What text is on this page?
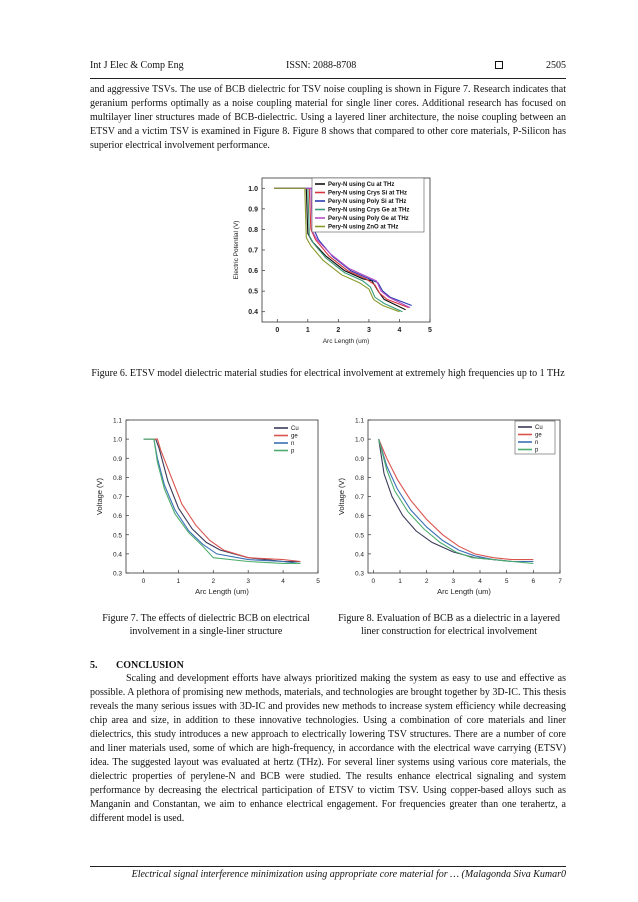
Int J Elec & Comp Eng	ISSN: 2088-8708	2505

and aggressive TSVs. The use of BCB dielectric for TSV noise coupling is shown in Figure 7. Research indicates that geranium performs optimally as a noise coupling material for single liner cores. Additional research has focused on multilayer liner structures made of BCB-dielectric. Using a layered liner architecture, the noise coupling between an ETSV and a victim TSV is examined in Figure 8. Figure 8 shows that compared to other core materials, P-Silicon has superior electrical involvement performance.

0.4
0.5
0.6
0.7
0.8
0.9
1.0
0	1	2	3	4	5
Arc Length (um)
Electric Potential (V)
Pery-N using Cu at THz
Pery-N using Crys Si at THz
Pery-N using Poly Si at THz
Pery-N using Crys Ge at THz
Pery-N using Poly Ge at THz
Pery-N using ZnO at THz

Figure 6. ETSV model dielectric material studies for electrical involvement at extremely high frequencies up to 1 THz

0.3
0.4
0.5
0.6
0.7
0.8
0.9
1.0
1.1
0	1	2	3	4	5
Arc Length (um)
Voltage (V)
Cu
ge
n
p

Figure 7. The effects of dielectric BCB on electrical involvement in a single-liner structure

0.3
0.4
0.5
0.6
0.7
0.8
0.9
1.0
1.1
0	1	2	3	4	5	6	7
Arc Length (um)
Voltage (V)
Cu
ge
n
p

Figure 8. Evaluation of BCB as a dielectric in a layered liner construction for electrical involvement

5. CONCLUSION

Scaling and development efforts have always prioritized making the system as easy to use and effective as possible. A plethora of promising new methods, materials, and technologies are brought together by 3D-IC. This thesis reveals the many serious issues with 3D-IC and provides new methods to increase system efficiency while decreasing chip area and size, in addition to these innovative technologies. Using a combination of core materials and liner dielectrics, this study introduces a new approach to electrically lowering TSV structures. There are a number of core and liner materials used, some of which are high-frequency, in accordance with the electrical wave carrying (ETSV) idea. The suggested layout was evaluated at hertz (THz). For several liner systems using various core materials, the dielectric properties of perylene-N and BCB were studied. The results enhance electrical signaling and system performance by decreasing the electrical participation of ETSV to victim TSV. Using copper-based alloys such as Manganin and Constantan, we aim to enhance electrical engagement. For frequencies greater than one terahertz, a different model is used.

Electrical signal interference minimization using appropriate core material for … (Malagonda Siva Kumar0
